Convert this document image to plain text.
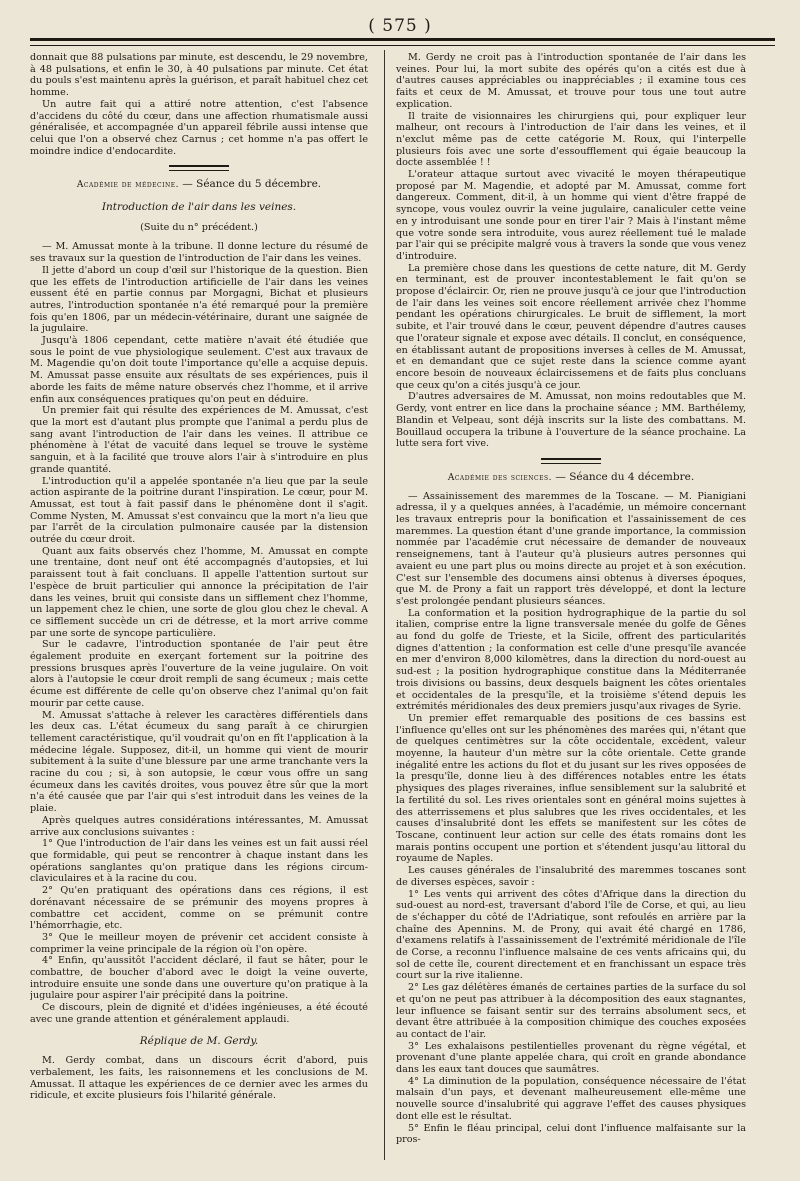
( 575 )

donnait que 88 pulsations par minute, est descendu, le 29 novembre, à 48 pulsations, et enfin le 30, à 40 pulsations par minute. Cet état du pouls s'est maintenu après la guérison, et paraît habituel chez cet homme.

Un autre fait qui a attiré notre attention, c'est l'absence d'accidens du côté du cœur, dans une affection rhumatismale aussi généralisée, et accompagnée d'un appareil fébrile aussi intense que celui que l'on a observé chez Carnus ; cet homme n'a pas offert le moindre indice d'endocardite.

Académie de médecine. — Séance du 5 décembre.
Introduction de l'air dans les veines.
(Suite du n° précédent.)

— M. Amussat monte à la tribune. Il donne lecture du résumé de ses travaux sur la question de l'introduction de l'air dans les veines.

Il jette d'abord un coup d'œil sur l'historique de la question. Bien que les effets de l'introduction artificielle de l'air dans les veines eussent été en partie connus par Morgagni, Bichat et plusieurs autres, l'introduction spontanée n'a été remarqué pour la première fois qu'en 1806, par un médecin-vétérinaire, durant une saignée de la jugulaire.

Jusqu'à 1806 cependant, cette matière n'avait été étudiée que sous le point de vue physiologique seulement. C'est aux travaux de M. Magendie qu'on doit toute l'importance qu'elle a acquise depuis. M. Amussat passe ensuite aux résultats de ses expériences, puis il aborde les faits de même nature observés chez l'homme, et il arrive enfin aux conséquences pratiques qu'on peut en déduire.

Un premier fait qui résulte des expériences de M. Amussat, c'est que la mort est d'autant plus prompte que l'animal a perdu plus de sang avant l'introduction de l'air dans les veines. Il attribue ce phénomène à l'état de vacuité dans lequel se trouve le système sanguin, et à la facilité que trouve alors l'air à s'introduire en plus grande quantité.

L'introduction qu'il a appelée spontanée n'a lieu que par la seule action aspirante de la poitrine durant l'inspiration. Le cœur, pour M. Amussat, est tout à fait passif dans le phénomène dont il s'agit. Comme Nysten, M. Amussat s'est convaincu que la mort n'a lieu que par l'arrêt de la circulation pulmonaire causée par la distension outrée du cœur droit.

Quant aux faits observés chez l'homme, M. Amussat en compte une trentaine, dont neuf ont été accompagnés d'autopsies, et lui paraissent tout à fait concluans. Il appelle l'attention surtout sur l'espèce de bruit particulier qui annonce la précipitation de l'air dans les veines, bruit qui consiste dans un sifflement chez l'homme, un lappement chez le chien, une sorte de glou glou chez le cheval. A ce sifflement succède un cri de détresse, et la mort arrive comme par une sorte de syncope particulière.

Sur le cadavre, l'introduction spontanée de l'air peut être également produite en exerçant fortement sur la poitrine des pressions brusques après l'ouverture de la veine jugulaire. On voit alors à l'autopsie le cœur droit rempli de sang écumeux ; mais cette écume est différente de celle qu'on observe chez l'animal qu'on fait mourir par cette cause.

M. Amussat s'attache à relever les caractères différentiels dans les deux cas. L'état écumeux du sang paraît à ce chirurgien tellement caractéristique, qu'il voudrait qu'on en fît l'application à la médecine légale. Supposez, dit-il, un homme qui vient de mourir subitement à la suite d'une blessure par une arme tranchante vers la racine du cou ; si, à son autopsie, le cœur vous offre un sang écumeux dans les cavités droites, vous pouvez être sûr que la mort n'a été causée que par l'air qui s'est introduit dans les veines de la plaie.

Après quelques autres considérations intéressantes, M. Amussat arrive aux conclusions suivantes :

1° Que l'introduction de l'air dans les veines est un fait aussi réel que formidable, qui peut se rencontrer à chaque instant dans les opérations sanglantes qu'on pratique dans les régions circum-claviculaires et à la racine du cou.

2° Qu'en pratiquant des opérations dans ces régions, il est dorénavant nécessaire de se prémunir des moyens propres à combattre cet accident, comme on se prémunit contre l'hémorrhagie, etc.

3° Que le meilleur moyen de prévenir cet accident consiste à comprimer la veine principale de la région où l'on opère.

4° Enfin, qu'aussitôt l'accident déclaré, il faut se hâter, pour le combattre, de boucher d'abord avec le doigt la veine ouverte, introduire ensuite une sonde dans une ouverture qu'on pratique à la jugulaire pour aspirer l'air précipité dans la poitrine.

Ce discours, plein de dignité et d'idées ingénieuses, a été écouté avec une grande attention et généralement applaudi.

Réplique de M. Gerdy.

M. Gerdy combat, dans un discours écrit d'abord, puis verbalement, les faits, les raisonnemens et les conclusions de M. Amussat. Il attaque les expériences de ce dernier avec les armes du ridicule, et excite plusieurs fois l'hilarité générale.

M. Gerdy ne croit pas à l'introduction spontanée de l'air dans les veines. Pour lui, la mort subite des opérés qu'on a cités est due à d'autres causes appréciables ou inappréciables ; il examine tous ces faits et ceux de M. Amussat, et trouve pour tous une tout autre explication.

Il traite de visionnaires les chirurgiens qui, pour expliquer leur malheur, ont recours à l'introduction de l'air dans les veines, et il n'exclut même pas de cette catégorie M. Roux, qui l'interpelle plusieurs fois avec une sorte d'essoufflement qui égaie beaucoup la docte assemblée ! !

L'orateur attaque surtout avec vivacité le moyen thérapeutique proposé par M. Magendie, et adopté par M. Amussat, comme fort dangereux. Comment, dit-il, à un homme qui vient d'être frappé de syncope, vous voulez ouvrir la veine jugulaire, canaliculer cette veine en y introduisant une sonde pour en tirer l'air ? Mais à l'instant même que votre sonde sera introduite, vous aurez réellement tué le malade par l'air qui se précipite malgré vous à travers la sonde que vous venez d'introduire.

La première chose dans les questions de cette nature, dit M. Gerdy en terminant, est de prouver incontestablement le fait qu'on se propose d'éclaircir. Or, rien ne prouve jusqu'à ce jour que l'introduction de l'air dans les veines soit encore réellement arrivée chez l'homme pendant les opérations chirurgicales. Le bruit de sifflement, la mort subite, et l'air trouvé dans le cœur, peuvent dépendre d'autres causes que l'orateur signale et expose avec détails. Il conclut, en conséquence, en établissant autant de propositions inverses à celles de M. Amussat, et en demandant que ce sujet reste dans la science comme ayant encore besoin de nouveaux éclaircissemens et de faits plus concluans que ceux qu'on a cités jusqu'à ce jour.

D'autres adversaires de M. Amussat, non moins redoutables que M. Gerdy, vont entrer en lice dans la prochaine séance ; MM. Barthélemy, Blandin et Velpeau, sont déjà inscrits sur la liste des combattans. M. Bouillaud occupera la tribune à l'ouverture de la séance prochaine. La lutte sera fort vive.

Académie des sciences. — Séance du 4 décembre.

— Assainissement des maremmes de la Toscane. — M. Pianigiani adressa, il y a quelques années, à l'académie, un mémoire concernant les travaux entrepris pour la bonification et l'assainissement de ces maremmes. La question étant d'une grande importance, la commission nommée par l'académie crut nécessaire de demander de nouveaux renseignemens, tant à l'auteur qu'à plusieurs autres personnes qui avaient eu une part plus ou moins directe au projet et à son exécution. C'est sur l'ensemble des documens ainsi obtenus à diverses époques, que M. de Prony a fait un rapport très développé, et dont la lecture s'est prolongée pendant plusieurs séances.

La conformation et la position hydrographique de la partie du sol italien, comprise entre la ligne transversale menée du golfe de Gênes au fond du golfe de Trieste, et la Sicile, offrent des particularités dignes d'attention ; la conformation est celle d'une presqu'île avancée en mer d'environ 8,000 kilomètres, dans la direction du nord-ouest au sud-est ; la position hydrographique constitue dans la Méditerranée trois divisions ou bassins, deux desquels baignent les côtes orientales et occidentales de la presqu'île, et la troisième s'étend depuis les extrémités méridionales des deux premiers jusqu'aux rivages de Syrie.

Un premier effet remarquable des positions de ces bassins est l'influence qu'elles ont sur les phénomènes des marées qui, n'étant que de quelques centimètres sur la côte occidentale, excèdent, valeur moyenne, la hauteur d'un mètre sur la côte orientale. Cette grande inégalité entre les actions du flot et du jusant sur les rives opposées de la presqu'île, donne lieu à des différences notables entre les états physiques des plages riveraines, influe sensiblement sur la salubrité et la fertilité du sol. Les rives orientales sont en général moins sujettes à des atterrissemens et plus salubres que les rives occidentales, et les causes d'insalubrité dont les effets se manifestent sur les côtes de Toscane, continuent leur action sur celle des états romains dont les marais pontins occupent une portion et s'étendent jusqu'au littoral du royaume de Naples.

Les causes générales de l'insalubrité des maremmes toscanes sont de diverses espèces, savoir :

1° Les vents qui arrivent des côtes d'Afrique dans la direction du sud-ouest au nord-est, traversant d'abord l'île de Corse, et qui, au lieu de s'échapper du côté de l'Adriatique, sont refoulés en arrière par la chaîne des Apennins. M. de Prony, qui avait été chargé en 1786, d'examens relatifs à l'assainissement de l'extrémité méridionale de l'île de Corse, a reconnu l'influence malsaine de ces vents africains qui, du sol de cette île, courent directement et en franchissant un espace très court sur la rive italienne.

2° Les gaz délétères émanés de certaines parties de la surface du sol et qu'on ne peut pas attribuer à la décomposition des eaux stagnantes, leur influence se faisant sentir sur des terrains absolument secs, et devant être attribuée à la composition chimique des couches exposées au contact de l'air.

3° Les exhalaisons pestilentielles provenant du règne végétal, et provenant d'une plante appelée chara, qui croît en grande abondance dans les eaux tant douces que saumâtres.

4° La diminution de la population, conséquence nécessaire de l'état malsain d'un pays, et devenant malheureusement elle-même une nouvelle source d'insalubrité qui aggrave l'effet des causes physiques dont elle est le résultat.

5° Enfin le fléau principal, celui dont l'influence malfaisante sur la pros-
